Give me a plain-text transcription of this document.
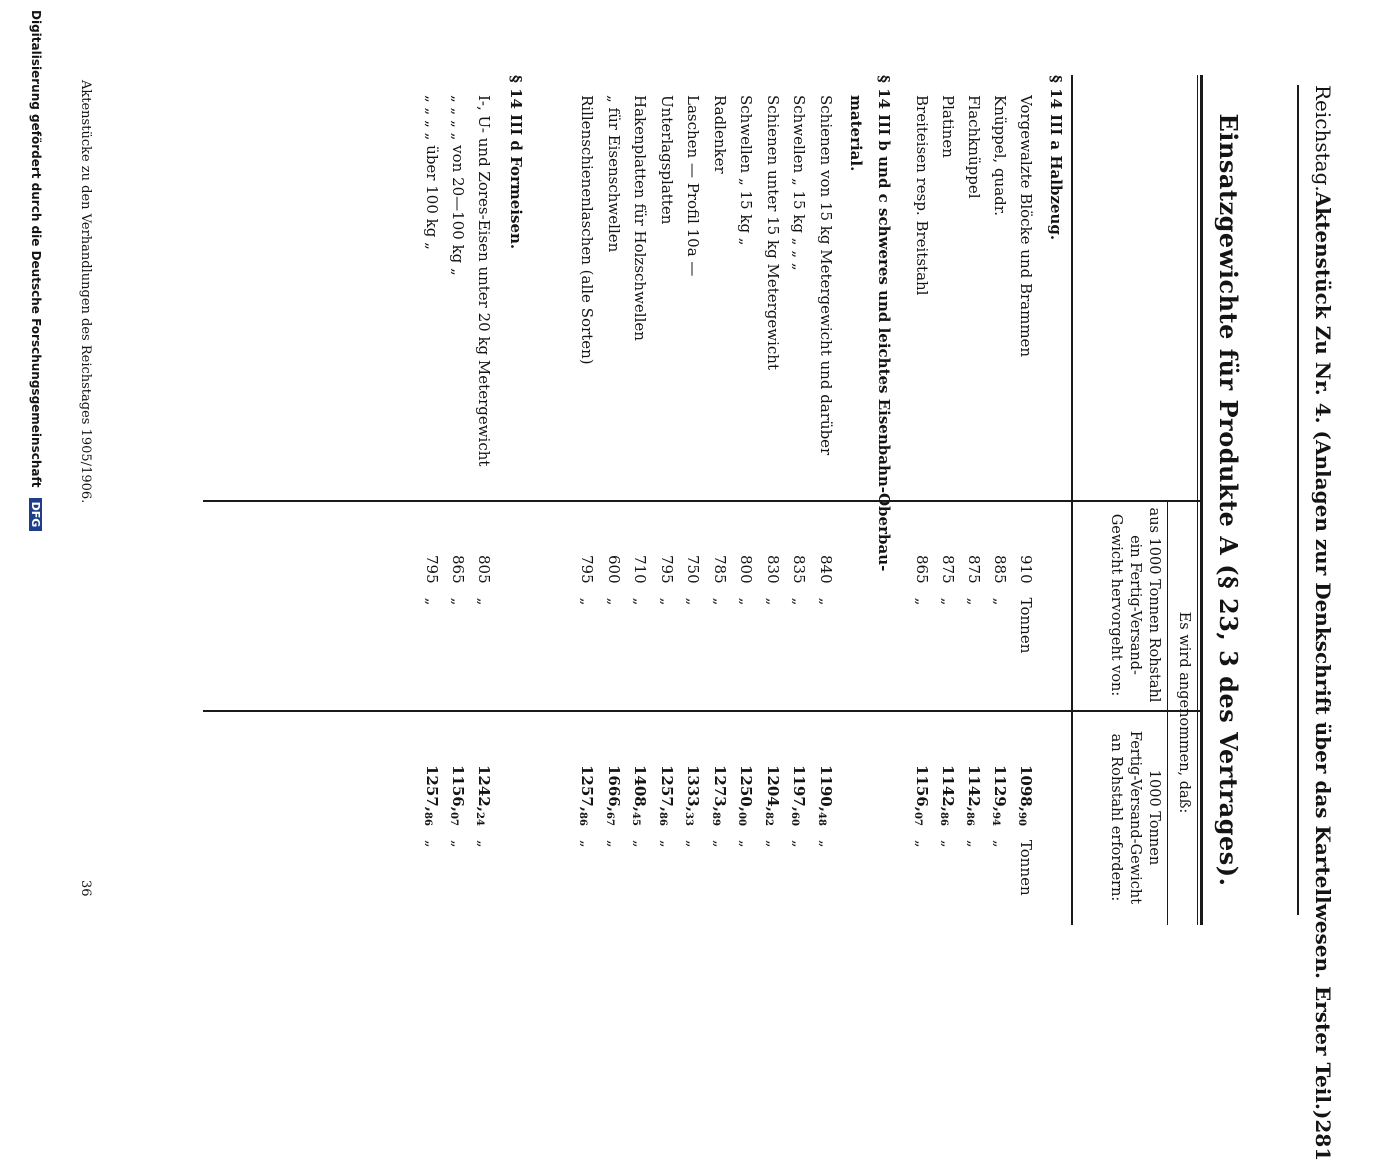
Reichstag.
Aktenstück Zu Nr. 4. (Anlagen zur Denkschrift über das Kartellwesen. Erster Teil.)
281
Einsatzgewichte für Produkte A (§ 23, 3 des Vertrages).
Es wird angenommen, daß:
aus 1000 Tonnen Rohstahl
ein Fertig-Versand-
Gewicht hervorgeht von:
1000 Tonnen
Fertig-Versand-Gewicht
an Rohstahl erfordern:
§ 14 III a Halbzeug.
Vorgewalzte Blöcke und Brammen
910Tonnen
$1098,_{90}Tonnen$
Knüppel, quadr.
885„
$1129,_{94}„$
Flachknüppel
875„
$1142,_{86}„$
Platinen
875„
$1142,_{86}„$
Breiteisen resp. Breitstahl
865„
$1156,_{07}„$
§ 14 III b und c schweres und leichtes Eisenbahn-Oberbau-
material.
Schienen von 15 kg Metergewicht und darüber
840„
$1190,_{48}„$
Schwellen „ 15 kg „ „ „
835„
$1197,_{60}„$
Schienen unter 15 kg Metergewicht
830„
$1204,_{82}„$
Schwellen „ 15 kg „
800„
$1250,_{00}„$
Radlenker
785„
$1273,_{89}„$
Laschen — Profil 10a —
750„
$1333,_{33}„$
Unterlagsplatten
795„
$1257,_{86}„$
Hakenplatten für Holzschwellen
710„
$1408,_{45}„$
„ für Eisenschwellen
600„
$1666,_{67}„$
Rillenschienenlaschen (alle Sorten)
795„
$1257,_{86}„$
§ 14 III d Formeisen.
I-, U- und Zores-Eisen unter 20 kg Metergewicht
805„
$1242,_{24}„$
„ „ „ „ von 20—100 kg „
865„
$1156,_{07}„$
„ „ „ „ über 100 kg „
795„
$1257,_{86}„$
Aktenstücke zu den Verhandlungen des Reichstages 1905/1906.
36
Digitalisierung gefördert durch die Deutsche Forschungsgemeinschaft DFG
